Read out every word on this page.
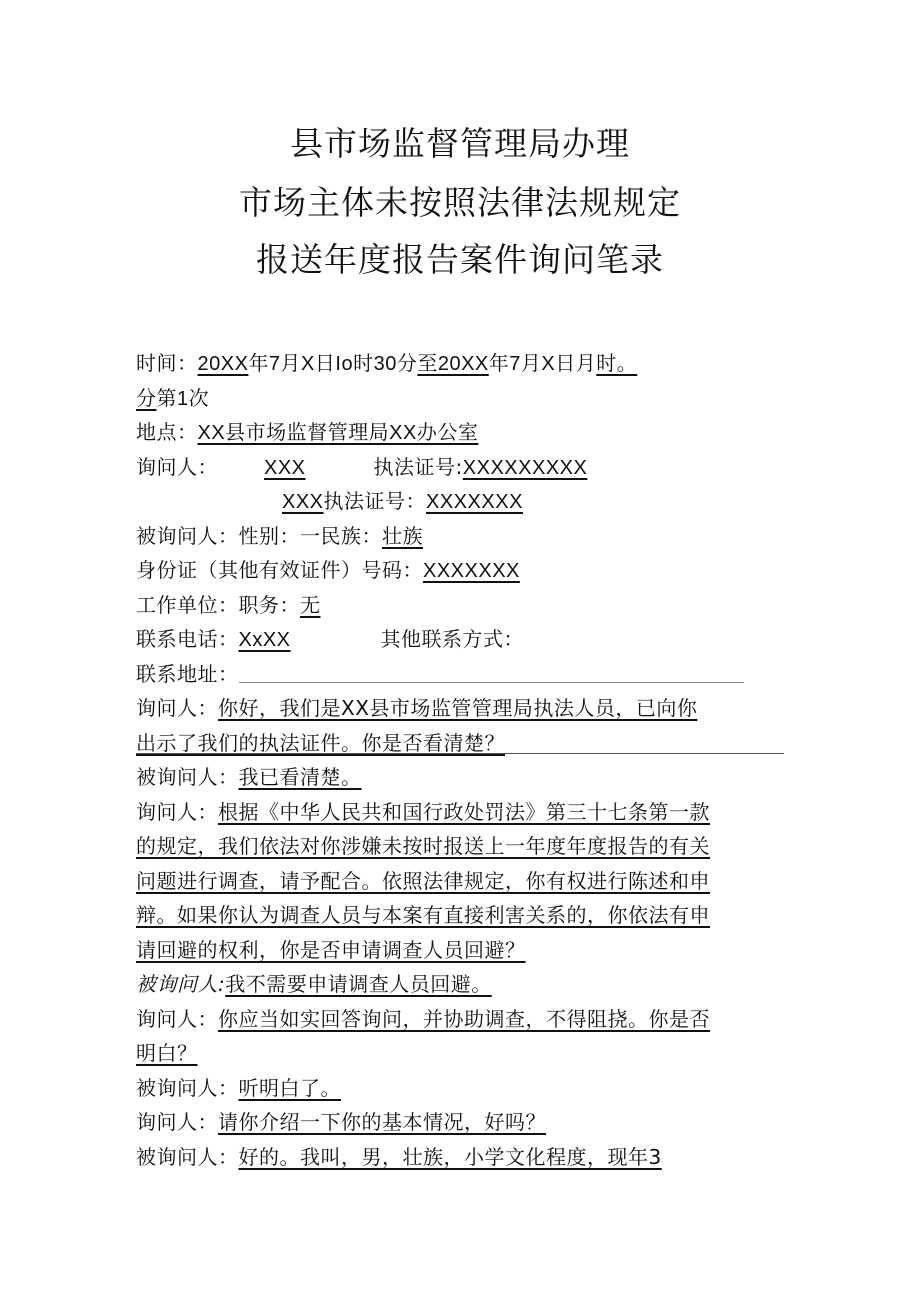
县市场监督管理局办理
市场主体未按照法律法规规定
报送年度报告案件询问笔录
时间：20XX年7月X日Io时30分至20XX年7月X日月时。
分第1次
地点：XX县市场监督管理局XX办公室
询问人： XXX	执法证号:XXXXXXXXX
XXX执法证号：XXXXXXX
被询问人：性别：一民族：壮族
身份证（其他有效证件）号码：XXXXXXX
工作单位：职务：无
联系电话：XxXX	其他联系方式：
联系地址：
询问人：你好，我们是XX县市场监管管理局执法人员，已向你
出示了我们的执法证件。你是否看清楚？
被询问人：我已看清楚。
询问人：根据《中华人民共和国行政处罚法》第三十七条第一款
的规定，我们依法对你涉嫌未按时报送上一年度年度报告的有关
问题进行调查，请予配合。依照法律规定，你有权进行陈述和申
辩。如果你认为调查人员与本案有直接利害关系的，你依法有申
请回避的权利，你是否申请调查人员回避？
被询问人:我不需要申请调查人员回避。
询问人：你应当如实回答询问，并协助调查，不得阻挠。你是否
明白？
被询问人：听明白了。
询问人：请你介绍一下你的基本情况，好吗？
被询问人：好的。我叫，男，壮族，小学文化程度，现年3
